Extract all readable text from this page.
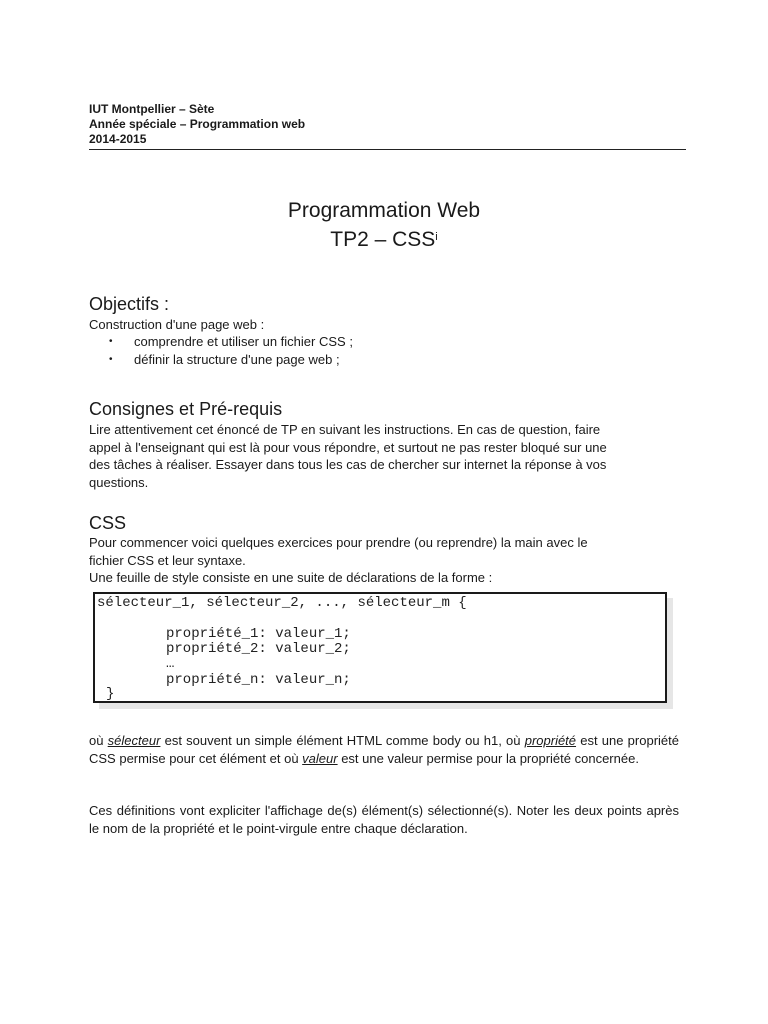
IUT Montpellier – Sète
Année spéciale – Programmation web
2014-2015
Programmation Web
TP2 – CSS$^i$
Objectifs :

Construction d'une page web :

• comprendre et utiliser un fichier CSS ;
• définir la structure d'une page web ;
Consignes et Pré-requis
Lire attentivement cet énoncé de TP en suivant les instructions. En cas de question, faire
appel à l'enseignant qui est là pour vous répondre, et surtout ne pas rester bloqué sur une
des tâches à réaliser. Essayer dans tous les cas de chercher sur internet la réponse à vos
questions.
CSS
Pour commencer voici quelques exercices pour prendre (ou reprendre) la main avec le
fichier CSS et leur syntaxe.
Une feuille de style consiste en une suite de déclarations de la forme :
sélecteur_1, sélecteur_2, ..., sélecteur_m {
propriété_1: valeur_1;
propriété_2: valeur_2;
…
propriété_n: valeur_n;
}

où sélecteur est souvent un simple élément HTML comme body ou h1, où propriété est une propriété CSS permise pour cet élément et où valeur est une valeur permise pour la propriété concernée.

Ces définitions vont expliciter l'affichage de(s) élément(s) sélectionné(s). Noter les deux points après le nom de la propriété et le point-virgule entre chaque déclaration.
